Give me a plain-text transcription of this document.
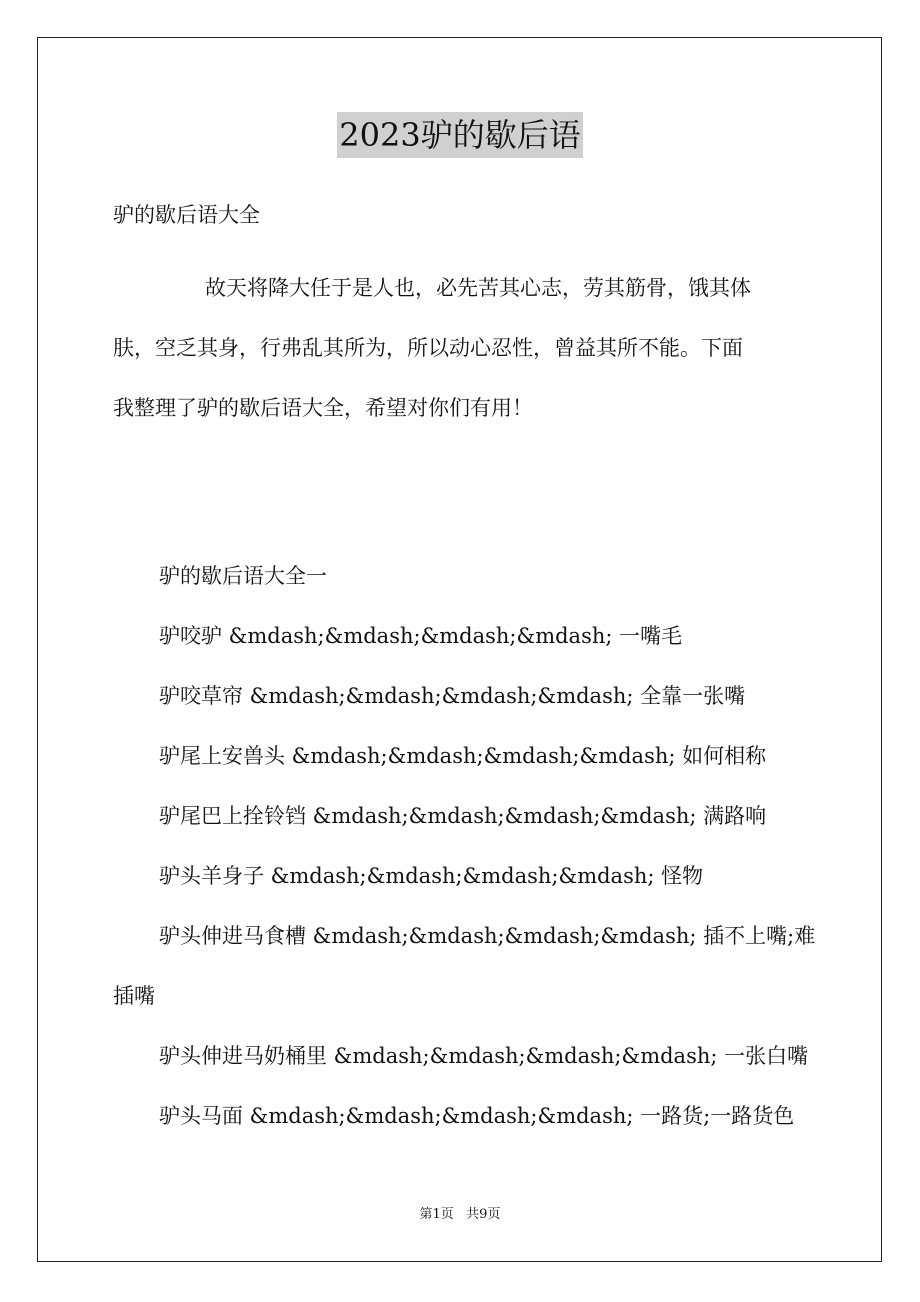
2023驴的歇后语
驴的歇后语大全
故天将降大任于是人也，必先苦其心志，劳其筋骨，饿其体
肤，空乏其身，行弗乱其所为，所以动心忍性，曾益其所不能。下面
我整理了驴的歇后语大全，希望对你们有用！
驴的歇后语大全一
驴咬驴 &mdash;&mdash;&mdash;&mdash; 一嘴毛
驴咬草帘 &mdash;&mdash;&mdash;&mdash; 全靠一张嘴
驴尾上安兽头 &mdash;&mdash;&mdash;&mdash; 如何相称
驴尾巴上拴铃铛 &mdash;&mdash;&mdash;&mdash; 满路响
驴头羊身子 &mdash;&mdash;&mdash;&mdash; 怪物
驴头伸进马食槽 &mdash;&mdash;&mdash;&mdash; 插不上嘴;难
插嘴
驴头伸进马奶桶里 &mdash;&mdash;&mdash;&mdash; 一张白嘴
驴头马面 &mdash;&mdash;&mdash;&mdash; 一路货;一路货色
第1页   共9页
